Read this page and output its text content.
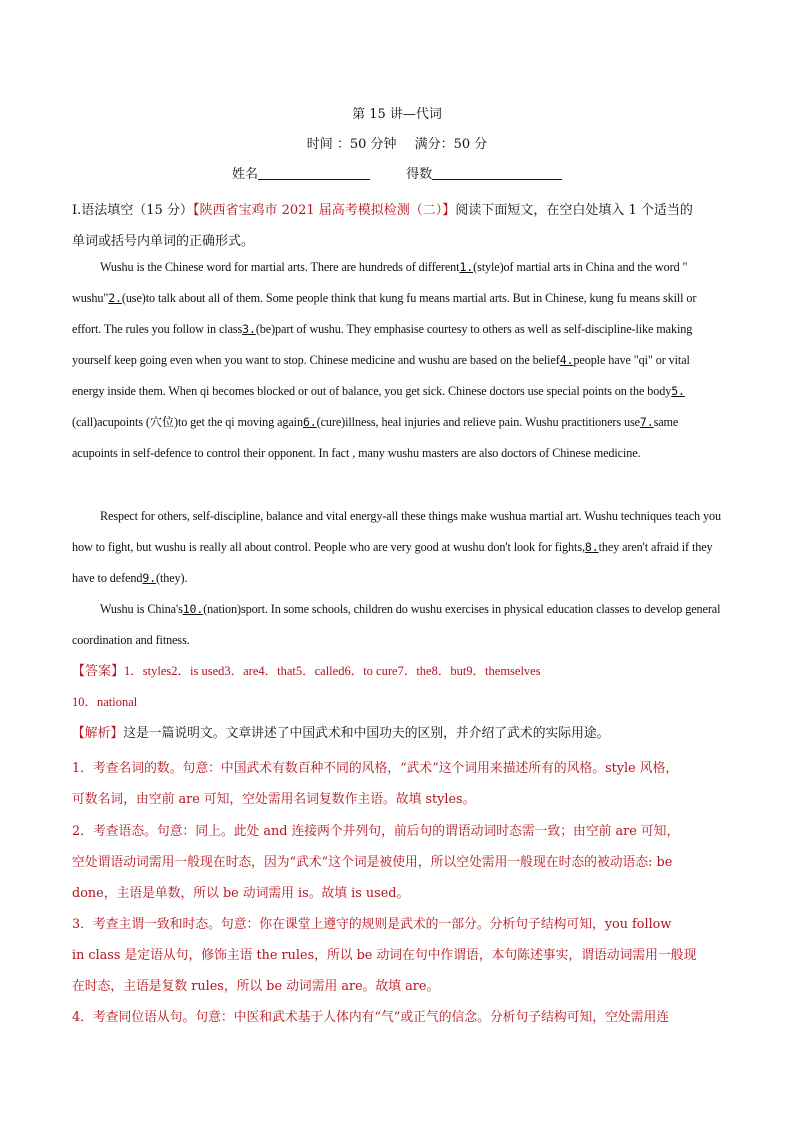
第 15 讲—代词
时间 ：50 分钟 满分：50 分
姓名	得数
I.语法填空（15 分）【陕西省宝鸡市 2021 届高考模拟检测（二）】阅读下面短文，在空白处填入 1 个适当的
单词或括号内单词的正确形式。
Wushu is the Chinese word for martial arts. There are hundreds of different1.(style)of martial arts in China and the word " wushu"2.(use)to talk about all of them. Some people think that kung fu means martial arts. But in Chinese, kung fu means skill or effort. The rules you follow in class3.(be)part of wushu. They emphasise courtesy to others as well as self-discipline-like making yourself keep going even when you want to stop. Chinese medicine and wushu are based on the belief4.people have "qi" or vital energy inside them. When qi becomes blocked or out of balance, you get sick. Chinese doctors use special points on the body5.(call)acupoints (穴位)to get the qi moving again6.(cure)illness, heal injuries and relieve pain. Wushu practitioners use7.same acupoints in self-defence to control their opponent. In fact , many wushu masters are also doctors of Chinese medicine.
Respect for others, self-discipline, balance and vital energy-all these things make wushua martial art. Wushu techniques teach you how to fight, but wushu is really all about control. People who are very good at wushu don't look for fights,8.they aren't afraid if they have to defend9.(they).
Wushu is China's10.(nation)sport. In some schools, children do wushu exercises in physical education classes to develop general coordination and fitness.
【答案】1．styles2．is used3．are4．that5．called6．to cure7．the8．but9．themselves
10．national
【解析】这是一篇说明文。文章讲述了中国武术和中国功夫的区别，并介绍了武术的实际用途。
1．考查名词的数。句意：中国武术有数百种不同的风格，“武术”这个词用来描述所有的风格。style 风格，
可数名词，由空前 are 可知，空处需用名词复数作主语。故填 styles。
2．考查语态。句意：同上。此处 and 连接两个并列句，前后句的谓语动词时态需一致；由空前 are 可知，
空处谓语动词需用一般现在时态，因为“武术”这个词是被使用，所以空处需用一般现在时态的被动语态: be
done，主语是单数，所以 be 动词需用 is。故填 is used。
3．考查主谓一致和时态。句意：你在课堂上遵守的规则是武术的一部分。分析句子结构可知，you follow
in class 是定语从句，修饰主语 the rules，所以 be 动词在句中作谓语，本句陈述事实，谓语动词需用一般现
在时态，主语是复数 rules，所以 be 动词需用 are。故填 are。
4．考查同位语从句。句意：中医和武术基于人体内有“气”或正气的信念。分析句子结构可知，空处需用连
